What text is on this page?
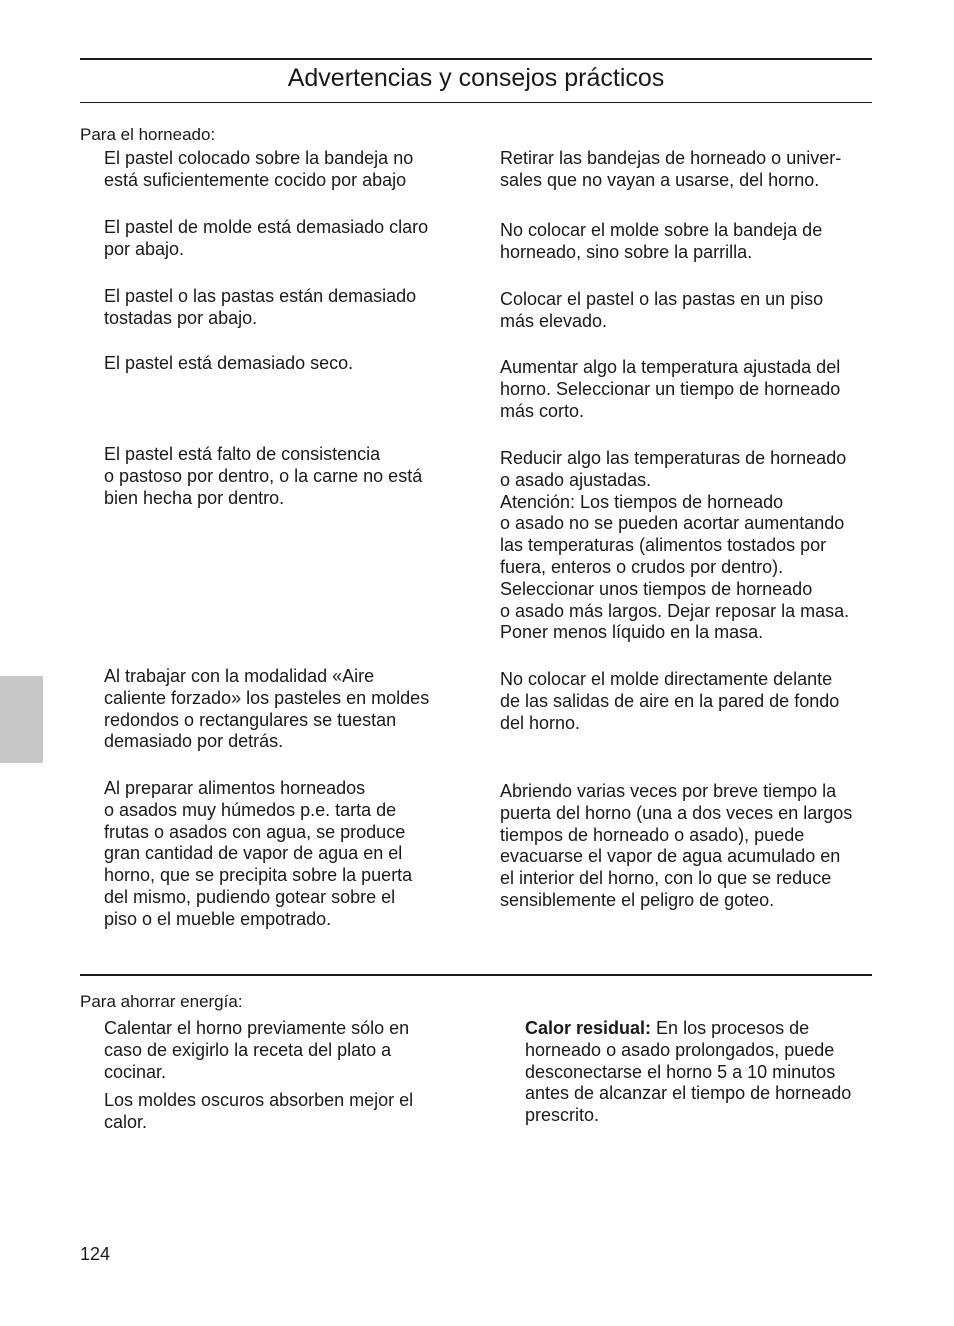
Advertencias y consejos prácticos
Para el horneado:
El pastel colocado sobre la bandeja no
está suficientemente cocido por abajo
Retirar las bandejas de horneado o univer-
sales que no vayan a usarse, del horno.
El pastel de molde está demasiado claro
por abajo.
No colocar el molde sobre la bandeja de
horneado, sino sobre la parrilla.
El pastel o las pastas están demasiado
tostadas por abajo.
Colocar el pastel o las pastas en un piso
más elevado.
El pastel está demasiado seco.	Aumentar algo la temperatura ajustada del
horno. Seleccionar un tiempo de horneado
más corto.
El pastel está falto de consistencia
o pastoso por dentro, o la carne no está
bien hecha por dentro.
Reducir algo las temperaturas de horneado
o asado ajustadas.
Atención: Los tiempos de horneado
o asado no se pueden acortar aumentando
las temperaturas (alimentos tostados por
fuera, enteros o crudos por dentro).
Seleccionar unos tiempos de horneado
o asado más largos. Dejar reposar la masa.
Poner menos líquido en la masa.
Al trabajar con la modalidad «Aire
caliente forzado» los pasteles en moldes
redondos o rectangulares se tuestan
demasiado por detrás.
No colocar el molde directamente delante
de las salidas de aire en la pared de fondo
del horno.
Al preparar alimentos horneados
o asados muy húmedos p.e. tarta de
frutas o asados con agua, se produce
gran cantidad de vapor de agua en el
horno, que se precipita sobre la puerta
del mismo, pudiendo gotear sobre el
piso o el mueble empotrado.
Abriendo varias veces por breve tiempo la
puerta del horno (una a dos veces en largos
tiempos de horneado o asado), puede
evacuarse el vapor de agua acumulado en
el interior del horno, con lo que se reduce
sensiblemente el peligro de goteo.
Para ahorrar energía:
Calentar el horno previamente sólo en
caso de exigirlo la receta del plato a
cocinar.
Los moldes oscuros absorben mejor el
calor.
Calor residual: En los procesos de
horneado o asado prolongados, puede
desconectarse el horno 5 a 10 minutos
antes de alcanzar el tiempo de horneado
prescrito.
124
